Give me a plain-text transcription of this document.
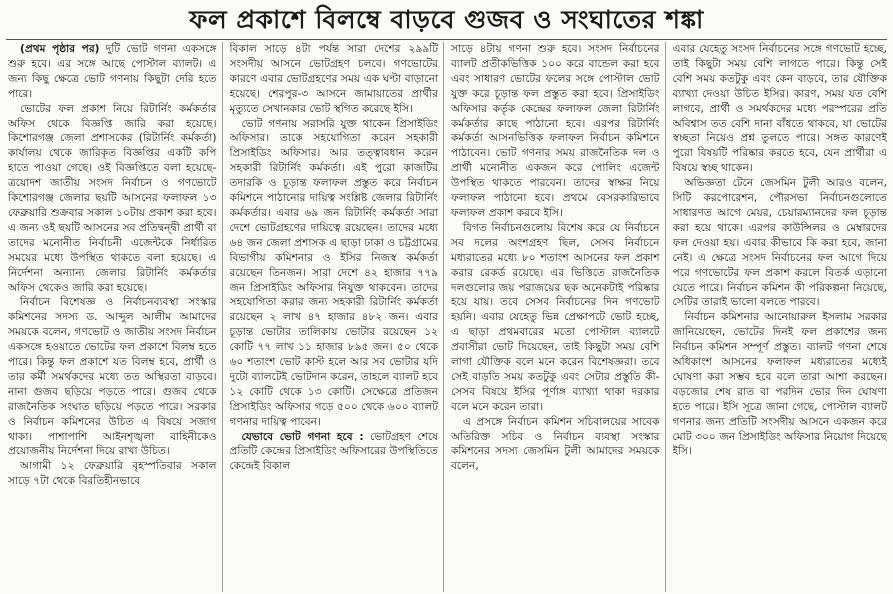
ফল প্রকাশে বিলম্বে বাড়বে গুজব ও সংঘাতের শঙ্কা

(প্রথম পৃষ্ঠার পর) দুটি ভোট গণনা একসঙ্গে শুরু হবে। এর সঙ্গে আছে পোস্টাল ব্যালট। এ জন্য কিছু ক্ষেত্রে ভোট গণনায় কিছুটা দেরি হতে পারে।

ভোটের ফল প্রকাশ নিয়ে রিটার্নিং কর্মকর্তার অফিস থেকে বিজ্ঞপ্তি জারি করা হয়েছে। কিশোরগঞ্জ জেলা প্রশাসকের (রিটার্নিং কর্মকর্তা) কার্যালয় থেকে জারিকৃত বিজ্ঞপ্তির একটি কপি হাতে পাওয়া গেছে। ওই বিজ্ঞপ্তিতে বলা হয়েছে- ত্রয়োদশ জাতীয় সংসদ নির্বাচন ও গণভোটে কিশোরগঞ্জ জেলার ছয়টি আসনের ফলাফল ১৩ ফেব্রুয়ারি শুক্রবার সকাল ১০টায় প্রকাশ করা হবে। এ জন্য ওই ছয়টি আসনের সব প্রতিদ্বন্দ্বী প্রার্থী বা তাদের মনোনীত নির্বাচনী এজেন্টকে নির্ধারিত সময়ের মধ্যে উপস্থিত থাকতে বলা হয়েছে। এ নির্দেশনা অন্যান্য জেলার রিটার্নিং কর্মকর্তার অফিস থেকেও জারি করা হয়েছে।

নির্বাচন বিশেষজ্ঞ ও নির্বাচনব্যবস্থা সংস্কার কমিশনের সদস্য ড. আব্দুল আলীম আমাদের সময়কে বলেন, গণভোট ও জাতীয় সংসদ নির্বাচন একসঙ্গে হওয়াতে ভোটের ফল প্রকাশে বিলম্ব হতে পারে। কিন্তু ফল প্রকাশে যত বিলম্ব হবে, প্রার্থী ও তার কর্মী সমর্থকদের মধ্যে তত অস্থিরতা বাড়বে। নানা গুজব ছড়িয়ে পড়তে পারে। গুজব থেকে রাজনৈতিক সংঘাত ছড়িয়ে পড়তে পারে। সরকার ও নির্বাচন কমিশনের উচিত এ বিষয়ে সজাগ থাকা। পাশাপাশি আইনশৃঙ্খলা বাহিনীকেও প্রয়োজনীয় নির্দেশনা দিয়ে রাখা উচিত।

আগামী ১২ ফেব্রুয়ারি বৃহস্পতিবার সকাল সাড়ে ৭টা থেকে বিরতিহীনভাবে

বিকাল সাড়ে ৪টা পর্যন্ত সারা দেশের ২৯৯টি সংসদীয় আসনে ভোটগ্রহণ চলবে। গণভোটের কারণে এবার ভোটগ্রহণের সময় এক ঘণ্টা বাড়ানো হয়েছে। শেরপুর-৩ আসনে জামায়াতের প্রার্থীর মৃত্যুতে সেখানকার ভোট স্থগিত করেছে ইসি।

ভোট গণনায় সরাসরি যুক্ত থাকেন প্রিসাইডিং অফিসার। তাকে সহযোগিতা করেন সহকারী প্রিসাইডিং অফিসার। আর তত্ত্বাবধান করেন সহকারী রিটার্নিং কর্মকর্তা। এই পুরো কাজটির তদারকি ও চূড়ান্ত ফলাফল প্রস্তুত করে নির্বাচন কমিশনে পাঠানোর দায়িত্ব সংশ্লিষ্ট জেলার রিটার্নিং কর্মকর্তার। এবার ৬৯ জন রিটার্নিং কর্মকর্তা সারা দেশে ভোটগ্রহণের দায়িত্বে রয়েছেন। তাদের মধ্যে ৬৪ জন জেলা প্রশাসক এ ছাড়া ঢাকা ও চট্টগ্রামের বিভাগীয় কমিশনার ও ইসির নিজস্ব কর্মকর্তা রয়েছেন তিনজন। সারা দেশে ৪২ হাজার ৭৭৯ জন প্রিসাইডিং অফিসার নিযুক্ত থাকবেন। তাদের সহযোগিতা করার জন্য সহকারী রিটার্নিং কর্মকর্তা রয়েছেন ২ লাখ ৪৭ হাজার ৪৮২ জন। এবার চূড়ান্ত ভোটার তালিকায় ভোটার রয়েছেন ১২ কোটি ৭৭ লাখ ১১ হাজার ৮৯৫ জন। ৫০ থেকে ৬০ শতাংশ ভোট কাস্ট হলে আর সব ভোটার যদি দুটো ব্যালটেই ভোটদান করেন, তাহলে ব্যালট হবে ১২ কোটি থেকে ১৩ কোটি। সেক্ষেত্রে প্রতিজন প্রিসাইডিং অফিসার গড়ে ৫০০ থেকে ৬০০ ব্যালট গণনার দায়িত্ব পাবেন।

যেভাবে ভোট গণনা হবে : ভোটগ্রহণ শেষে প্রতিটি কেন্দ্রের প্রিসাইডিং অফিসারের উপস্থিতিতে কেন্দ্রেই বিকাল

সাড়ে ৪টায় গণনা শুরু হবে। সংসদ নির্বাচনের ব্যালট প্রতীকভিত্তিক ১০০ করে বান্ডেল করা হবে এবং সাধারণ ভোটের ফলের সঙ্গে পোস্টাল ভোট যুক্ত করে চূড়ান্ত ফল প্রস্তুত করা হবে। প্রিসাইডিং অফিসার কর্তৃক কেন্দ্রের ফলাফল জেলা রিটার্নিং কর্মকর্তার কাছে পাঠানো হবে। এরপর রিটার্নিং কর্মকর্তা আসনভিত্তিক ফলাফল নির্বাচন কমিশনে পাঠাবেন। ভোট গণনার সময় রাজনৈতিক দল ও প্রার্থী মনোনীত একজন করে পোলিং এজেন্ট উপস্থিত থাকতে পারবেন। তাদের স্বাক্ষর নিয়ে ফলাফল পাঠানো হবে। প্রথমে বেসরকারিভাবে ফলাফল প্রকাশ করবে ইসি।

বিগত নির্বাচনগুলোয় বিশেষ করে যে নির্বাচনে সব দলের অংশগ্রহণ ছিল, সেসব নির্বাচনে মধ্যরাতের মধ্যে ৮০ শতাংশ আসনের ফল প্রকাশ করার রেকর্ড রয়েছে। এর ভিত্তিতে রাজনৈতিক দলগুলোর জয় পরাজয়ের ছক অনেকটাই পরিষ্কার হয়ে যায়। তবে সেসব নির্বাচনের দিন গণভোট হয়নি। এবার যেহেতু ভিন্ন প্রেক্ষাপটে ভোট হচ্ছে, এ ছাড়া প্রথমবারের মতো পোস্টাল ব্যালটে প্রবাসীরা ভোট দিয়েছেন, তাই কিছুটা সময় বেশি লাগা যৌক্তিক বলে মনে করেন বিশেষজ্ঞরা। তবে সেই বাড়তি সময় কতটুকু এবং সেটার প্রস্তুতি কী- সেসব বিষয়ে ইসির পূর্ণাঙ্গ ব্যাখ্যা থাকা দরকার বলে মনে করেন তারা।

এ প্রসঙ্গে নির্বাচন কমিশন সচিবালয়ের সাবেক অতিরিক্ত সচিব ও নির্বাচন ব্যবস্থা সংস্কার কমিশনের সদস্য জেসমিন টুলী আমাদের সময়কে বলেন,

এবার যেহেতু সংসদ নির্বাচনের সঙ্গে গণভোট হচ্ছে, তাই কিছুটা সময় বেশি লাগতে পারে। কিন্তু সেই বেশি সময় কতটুকু এবং কেন বাড়বে, তার যৌক্তিক ব্যাখ্যা দেওয়া উচিত ইসির। কারণ, সময় যত বেশি লাগবে, প্রার্থী ও সমর্থকদের মধ্যে পরস্পরের প্রতি অবিশ্বাস তত বেশি দানা বাঁধতে থাকবে, যা ভোটের স্বচ্ছতা নিয়েও প্রশ্ন তুলতে পারে। সঙ্গত কারণেই পুরো বিষয়টি পরিষ্কার করতে হবে, যেন প্রার্থীরা এ বিষয়ে স্বচ্ছ থাকেন।

অভিজ্ঞতা টেনে জেসমিন টুলী আরও বলেন, সিটি করপোরেশন, পৌরসভা নির্বাচনগুলোতে সাধারণত আগে মেয়র, চেয়ারম্যানদের ফল চূড়ান্ত করা হয়ে থাকে। এরপর কাউন্সিলর ও মেম্বারদের ফল দেওয়া হয়। এবার কীভাবে কি করা হবে, জানা নেই। এ ক্ষেত্রে সংসদ নির্বাচনের ফল আগে দিয়ে পরে গণভোটের ফল প্রকাশ করলে বিতর্ক এড়ানো যেতে পারে। নির্বাচন কমিশন কী পরিকল্পনা নিয়েছে, সেটির তারাই ভালো বলতে পারবে।

নির্বাচন কমিশনার আনোয়ারুল ইসলাম সরকার জানিয়েছেন, ভোটের দিনই ফল প্রকাশের জন্য নির্বাচন কমিশন সম্পূর্ণ প্রস্তুত। ব্যালট গণনা শেষে অধিকাংশ আসনের ফলাফল মধ্যরাতের মধ্যেই ঘোষণা করা সম্ভব হবে বলে তারা আশা করছেন। বড়জোর শেষ রাত বা পরদিন ভোর দিন ঘোষণা হতে পারে। ইসি সূত্রে জানা গেছে, পোস্টাল ব্যালট গণনার জন্য প্রতিটি সংসদীয় আসনে একজন করে মোট ৩০০ জন প্রিসাইডিং অফিসার নিয়োগ দিয়েছে ইসি।
